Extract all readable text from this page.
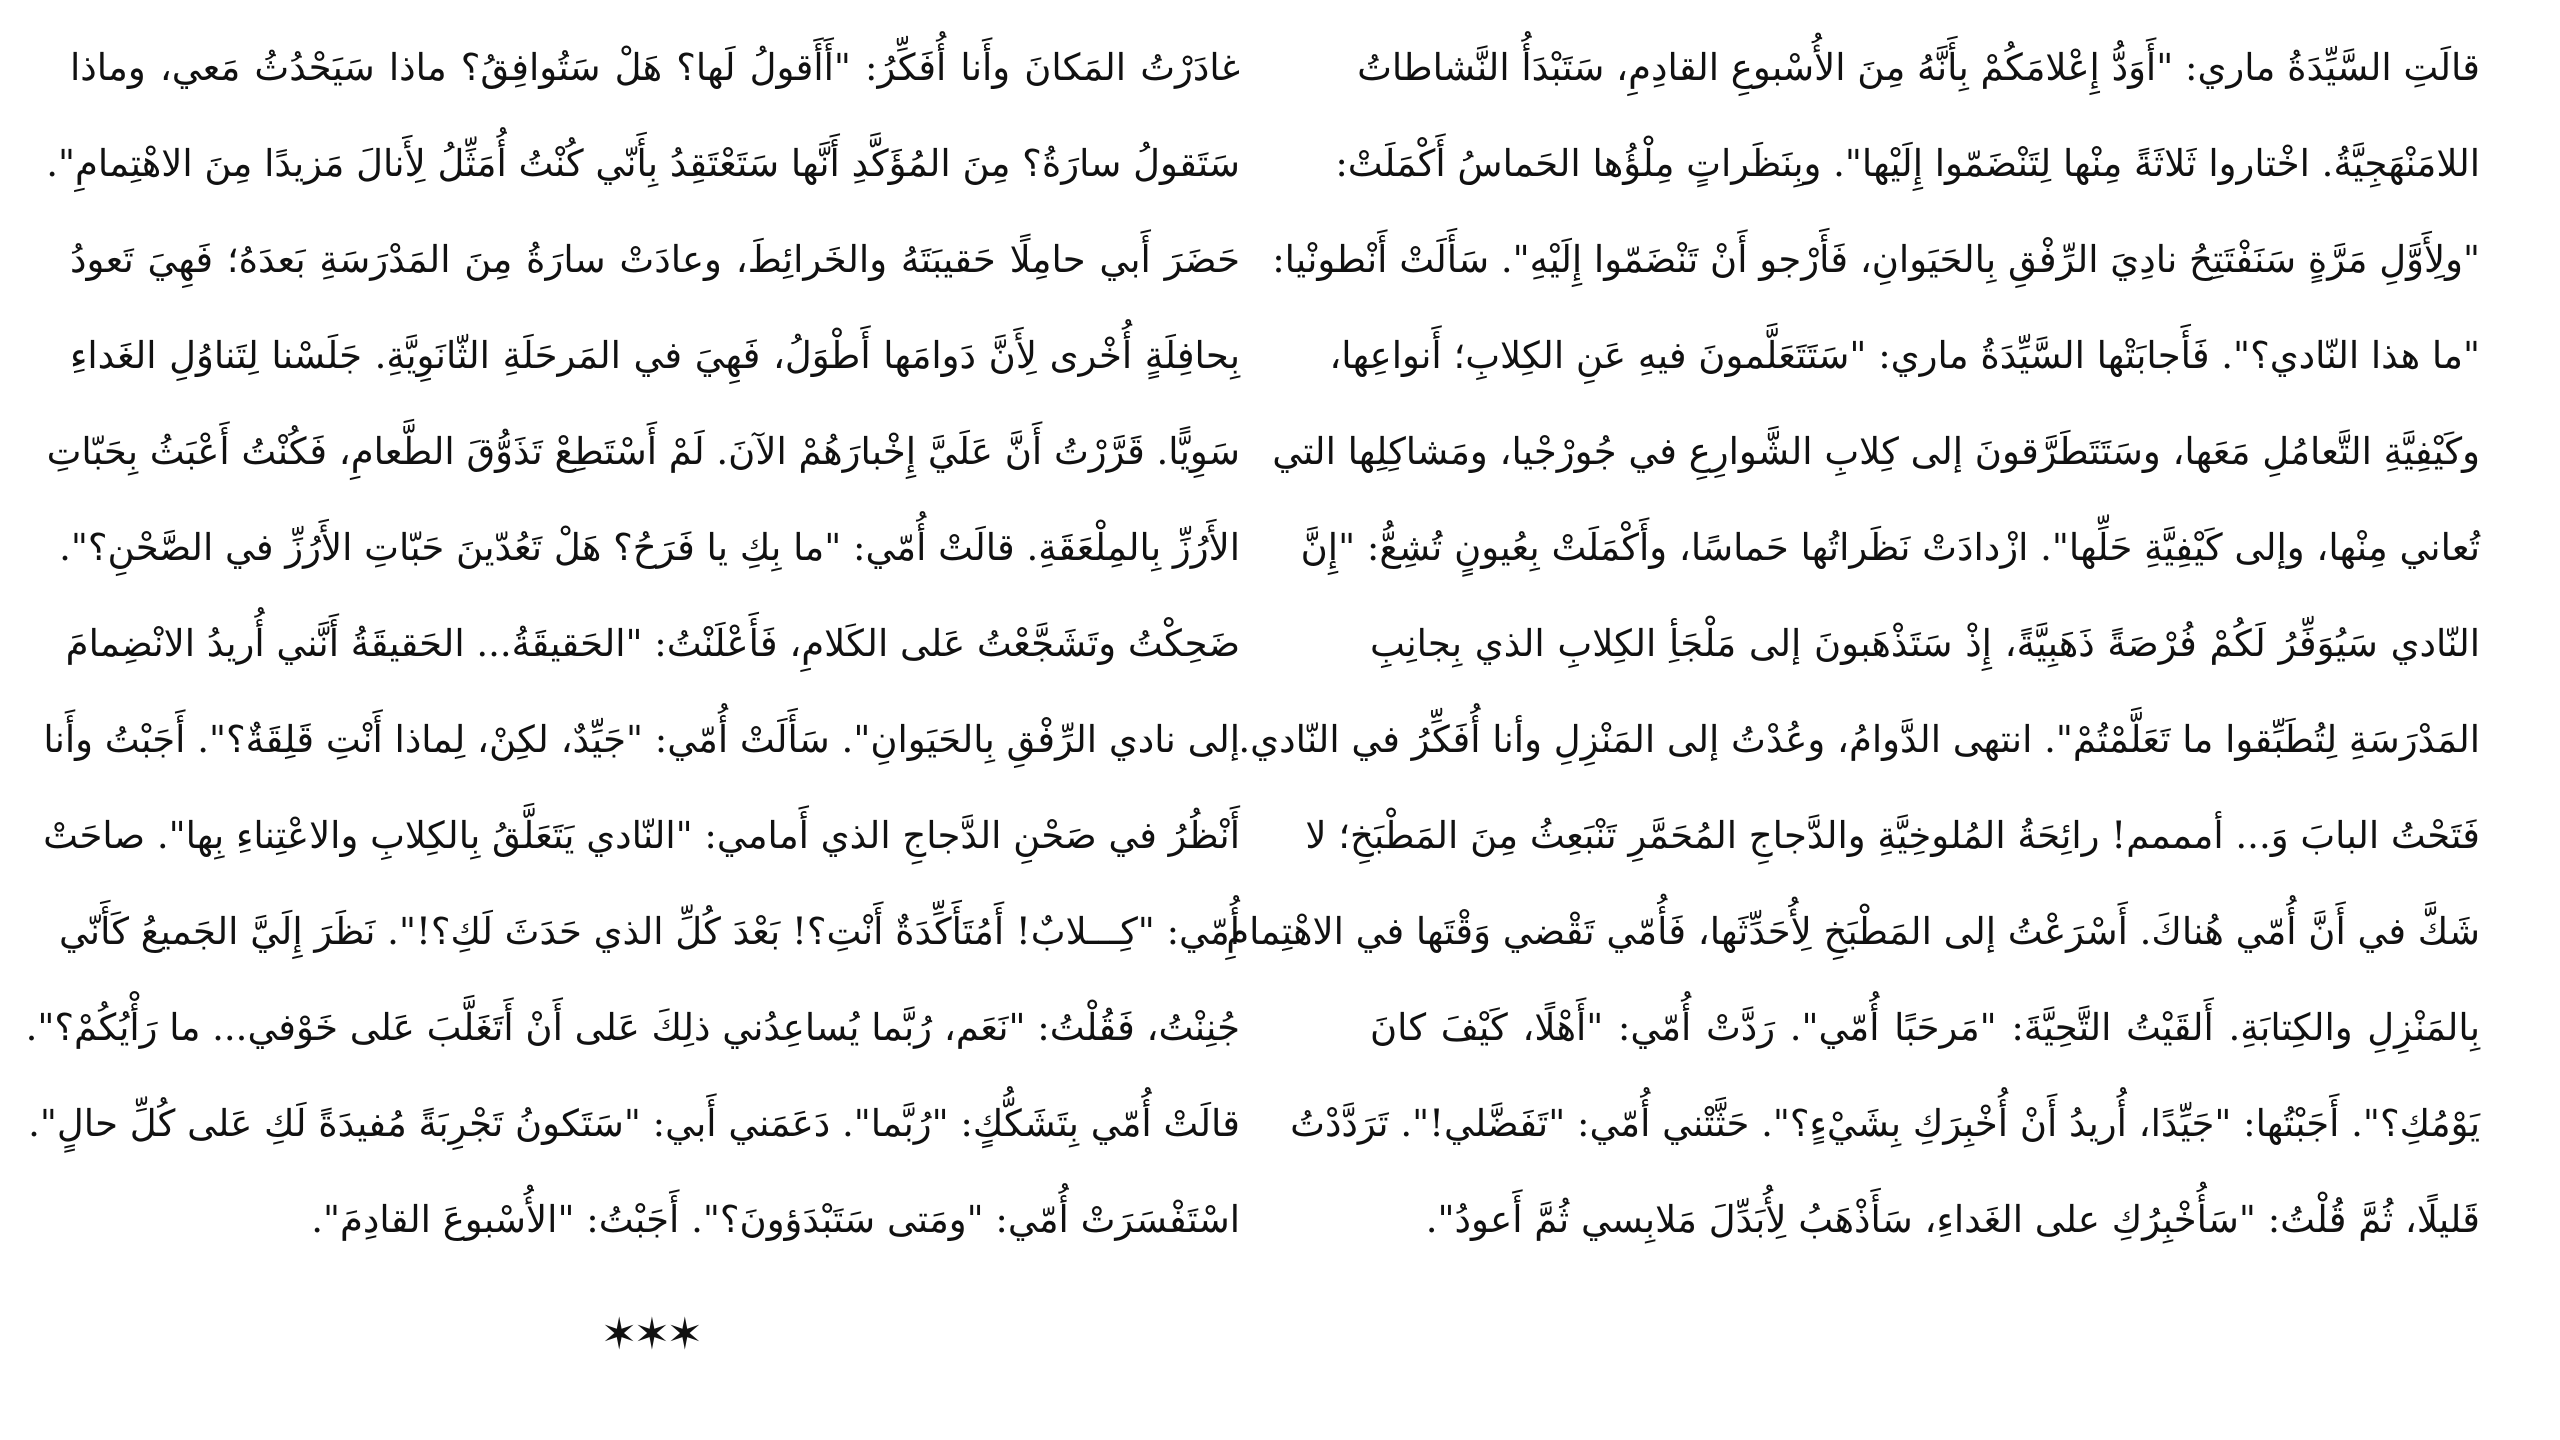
قالَتِ السَّيِّدَةُ ماري: "أَوَدُّ إِعْلامَكُمْ بِأَنَّهُ مِنَ الأُسْبوعِ القادِمِ، سَتَبْدَأُ النَّشاطاتُ
اللامَنْهَجِيَّةُ. اخْتاروا ثَلاثَةً مِنْها لِتَنْضَمّوا إِلَيْها". وبِنَظَراتٍ مِلْؤُها الحَماسُ أَكْمَلَتْ:
"ولِأَوَّلِ مَرَّةٍ سَنَفْتَتِحُ نادِيَ الرِّفْقِ بِالحَيَوانِ، فَأَرْجو أَنْ تَنْضَمّوا إِلَيْهِ". سَأَلَتْ أَنْطونْيا:
"ما هذا النّادي؟". فَأَجابَتْها السَّيِّدَةُ ماري: "سَتَتَعَلَّمونَ فيهِ عَنِ الكِلابِ؛ أَنواعِها،
وكَيْفِيَّةِ التَّعامُلِ مَعَها، وسَتَتَطَرَّقونَ إلى كِلابِ الشَّوارِعِ في جُورْجْيا، ومَشاكِلِها التي
تُعاني مِنْها، وإلى كَيْفِيَّةِ حَلِّها". ازْدادَتْ نَظَراتُها حَماسًا، وأَكْمَلَتْ بِعُيونٍ تُشِعُّ: "إِنَّ
النّادي سَيُوَفِّرُ لَكُمْ فُرْصَةً ذَهَبِيَّةً، إِذْ سَتَذْهَبونَ إلى مَلْجَأِ الكِلابِ الذي بِجانِبِ
المَدْرَسَةِ لِتُطَبِّقوا ما تَعَلَّمْتُمْ". انتهى الدَّوامُ، وعُدْتُ إلى المَنْزِلِ وأنا أُفَكِّرُ في النّادي.
فَتَحْتُ البابَ وَ... أمممم! رائِحَةُ المُلوخِيَّةِ والدَّجاجِ المُحَمَّرِ تَنْبَعِثُ مِنَ المَطْبَخِ؛ لا
شَكَّ في أَنَّ أُمّي هُناكَ. أَسْرَعْتُ إلى المَطْبَخِ لِأُحَدِّثَها، فَأُمّي تَقْضي وَقْتَها في الاهْتِمامِ
بِالمَنْزِلِ والكِتابَةِ. أَلقَيْتُ التَّحِيَّةَ: "مَرحَبًا أُمّي". رَدَّتْ أُمّي: "أَهْلًا، كَيْفَ كانَ
يَوْمُكِ؟". أَجَبْتُها: "جَيِّدًا، أُريدُ أَنْ أُخْبِرَكِ بِشَيْءٍ؟". حَثَّتْني أُمّي: "تَفَضَّلي!". تَرَدَّدْتُ
قَليلًا، ثُمَّ قُلْتُ: "سَأُخْبِرُكِ على الغَداءِ، سَأَذْهَبُ لِأُبَدِّلَ مَلابِسي ثُمَّ أَعودُ".
غادَرْتُ المَكانَ وأَنا أُفَكِّرُ: "أَأَقولُ لَها؟ هَلْ سَتُوافِقُ؟ ماذا سَيَحْدُثُ مَعي، وماذا
سَتَقولُ سارَةُ؟ مِنَ المُؤَكَّدِ أَنَّها سَتَعْتَقِدُ بِأَنّي كُنْتُ أُمَثِّلُ لِأَنالَ مَزيدًا مِنَ الاهْتِمامِ".
حَضَرَ أَبي حامِلًا حَقيبَتَهُ والخَرائِطَ، وعادَتْ سارَةُ مِنَ المَدْرَسَةِ بَعدَهُ؛ فَهِيَ تَعودُ
بِحافِلَةٍ أُخْرى لِأَنَّ دَوامَها أَطْوَلُ، فَهِيَ في المَرحَلَةِ الثّانَوِيَّةِ. جَلَسْنا لِتَناوُلِ الغَداءِ
سَوِيًّا. قَرَّرْتُ أَنَّ عَلَيَّ إِخْبارَهُمْ الآنَ. لَمْ أَسْتَطِعْ تَذَوُّقَ الطَّعامِ، فَكُنْتُ أَعْبَثُ بِحَبّاتِ
الأَرُزِّ بِالمِلْعَقَةِ. قالَتْ أُمّي: "ما بِكِ يا فَرَحُ؟ هَلْ تَعُدّينَ حَبّاتِ الأَرُزِّ في الصَّحْنِ؟".
ضَحِكْتُ وتَشَجَّعْتُ عَلى الكَلامِ، فَأَعْلَنْتُ: "الحَقيقَةُ... الحَقيقَةُ أَنَّني أُريدُ الانْضِمامَ
إلى نادي الرِّفْقِ بِالحَيَوانِ". سَأَلَتْ أُمّي: "جَيِّدٌ، لكِنْ، لِماذا أَنْتِ قَلِقَةٌ؟". أَجَبْتُ وأَنا
أَنْظُرُ في صَحْنِ الدَّجاجِ الذي أَمامي: "النّادي يَتَعَلَّقُ بِالكِلابِ والاعْتِناءِ بِها". صاحَتْ
أُمّي: "كِـــلابٌ! أَمُتَأَكِّدَةٌ أَنْتِ؟! بَعْدَ كُلِّ الذي حَدَثَ لَكِ؟!". نَظَرَ إِلَيَّ الجَميعُ كَأَنّي
جُنِنْتُ، فَقُلْتُ: "نَعَم، رُبَّما يُساعِدُني ذلِكَ عَلى أَنْ أَتَغَلَّبَ عَلى خَوْفي... ما رَأْيُكُمْ؟".
قالَتْ أُمّي بِتَشَكُّكٍ: "رُبَّما". دَعَمَني أَبي: "سَتَكونُ تَجْرِبَةً مُفيدَةً لَكِ عَلى كُلِّ حالٍ".
اسْتَفْسَرَتْ أُمّي: "ومَتى سَتَبْدَؤونَ؟". أَجَبْتُ: "الأُسْبوعَ القادِمَ".
✶✶✶
